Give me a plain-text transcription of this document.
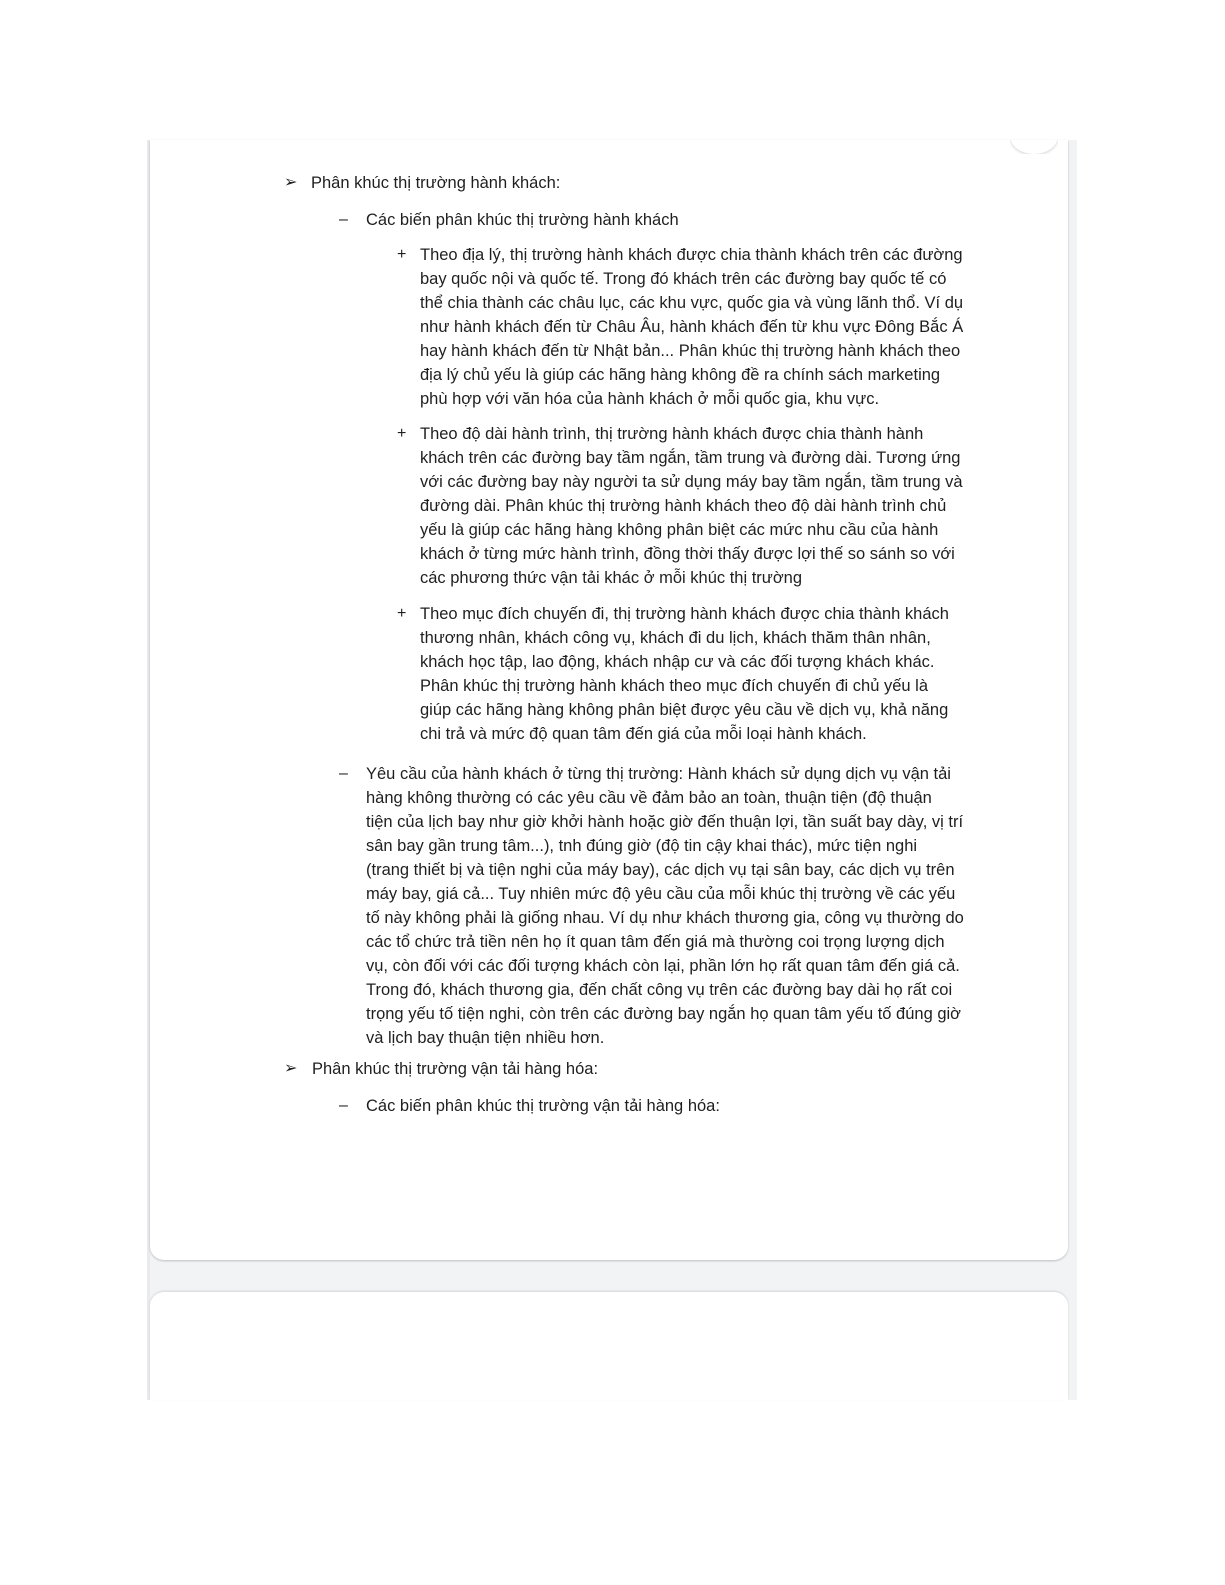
➢ Phân khúc thị trường hành khách:
– Các biến phân khúc thị trường hành khách
+ Theo địa lý, thị trường hành khách được chia thành khách trên các đường
bay quốc nội và quốc tế. Trong đó khách trên các đường bay quốc tế có
thể chia thành các châu lục, các khu vực, quốc gia và vùng lãnh thổ. Ví dụ
như hành khách đến từ Châu Âu, hành khách đến từ khu vực Đông Bắc Á
hay hành khách đến từ Nhật bản... Phân khúc thị trường hành khách theo
địa lý chủ yếu là giúp các hãng hàng không đề ra chính sách marketing
phù hợp với văn hóa của hành khách ở mỗi quốc gia, khu vực.
+ Theo độ dài hành trình, thị trường hành khách được chia thành hành
khách trên các đường bay tầm ngắn, tầm trung và đường dài. Tương ứng
với các đường bay này người ta sử dụng máy bay tầm ngắn, tầm trung và
đường dài. Phân khúc thị trường hành khách theo độ dài hành trình chủ
yếu là giúp các hãng hàng không phân biệt các mức nhu cầu của hành
khách ở từng mức hành trình, đồng thời thấy được lợi thế so sánh so với
các phương thức vận tải khác ở mỗi khúc thị trường
+ Theo mục đích chuyến đi, thị trường hành khách được chia thành khách
thương nhân, khách công vụ, khách đi du lịch, khách thăm thân nhân,
khách học tập, lao động, khách nhập cư và các đối tượng khách khác.
Phân khúc thị trường hành khách theo mục đích chuyến đi chủ yếu là
giúp các hãng hàng không phân biệt được yêu cầu về dịch vụ, khả năng
chi trả và mức độ quan tâm đến giá của mỗi loại hành khách.
– Yêu cầu của hành khách ở từng thị trường: Hành khách sử dụng dịch vụ vận tải
hàng không thường có các yêu cầu về đảm bảo an toàn, thuận tiện (độ thuận
tiện của lịch bay như giờ khởi hành hoặc giờ đến thuận lợi, tần suất bay dày, vị trí
sân bay gần trung tâm...), tnh đúng giờ (độ tin cậy khai thác), mức tiện nghi
(trang thiết bị và tiện nghi của máy bay), các dịch vụ tại sân bay, các dịch vụ trên
máy bay, giá cả... Tuy nhiên mức độ yêu cầu của mỗi khúc thị trường về các yếu
tố này không phải là giống nhau. Ví dụ như khách thương gia, công vụ thường do
các tổ chức trả tiền nên họ ít quan tâm đến giá mà thường coi trọng lượng dịch
vụ, còn đối với các đối tượng khách còn lại, phần lớn họ rất quan tâm đến giá cả.
Trong đó, khách thương gia, đến chất công vụ trên các đường bay dài họ rất coi
trọng yếu tố tiện nghi, còn trên các đường bay ngắn họ quan tâm yếu tố đúng giờ
và lịch bay thuận tiện nhiều hơn.
➢ Phân khúc thị trường vận tải hàng hóa:
– Các biến phân khúc thị trường vận tải hàng hóa:
